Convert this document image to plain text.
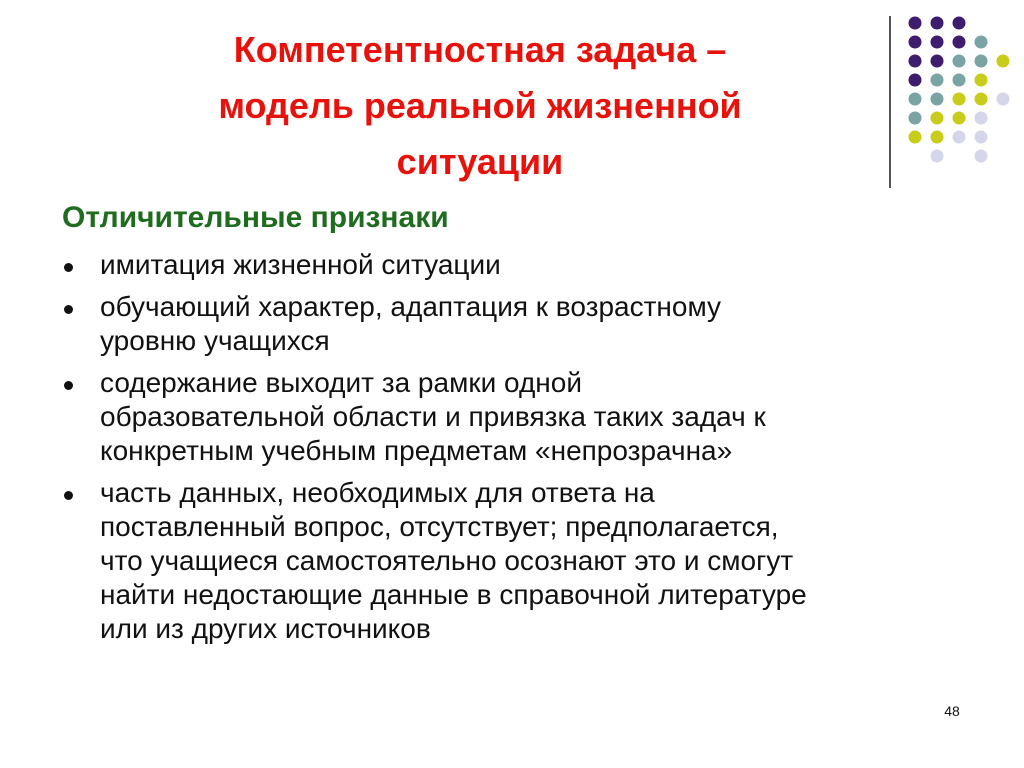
Компетентностная задача –
модель реальной жизненной
ситуации
Отличительные признаки
имитация жизненной ситуации
обучающий характер, адаптация к возрастному
уровню учащихся
содержание выходит за рамки одной
образовательной области и привязка таких задач к
конкретным учебным предметам «непрозрачна»
часть данных, необходимых для ответа на
поставленный вопрос, отсутствует; предполагается,
что учащиеся самостоятельно осознают это и смогут
найти недостающие данные в справочной литературе
или из других источников
48
